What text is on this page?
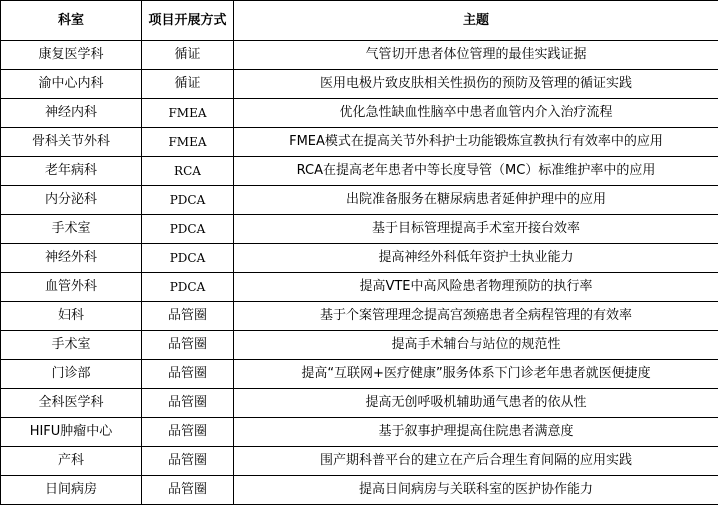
科室	项目开展方式	主题
康复医学科	循证	气管切开患者体位管理的最佳实践证据
渝中心内科	循证	医用电极片致皮肤相关性损伤的预防及管理的循证实践
神经内科	FMEA	优化急性缺血性脑卒中患者血管内介入治疗流程
骨科关节外科	FMEA	FMEA模式在提高关节外科护士功能锻炼宣教执行有效率中的应用
老年病科	RCA	RCA在提高老年患者中等长度导管（MC）标准维护率中的应用
内分泌科	PDCA	出院准备服务在糖尿病患者延伸护理中的应用
手术室	PDCA	基于目标管理提高手术室开接台效率
神经外科	PDCA	提高神经外科低年资护士执业能力
血管外科	PDCA	提高VTE中高风险患者物理预防的执行率
妇科	品管圈	基于个案管理理念提高宫颈癌患者全病程管理的有效率
手术室	品管圈	提高手术辅台与站位的规范性
门诊部	品管圈	提高“互联网+医疗健康”服务体系下门诊老年患者就医便捷度
全科医学科	品管圈	提高无创呼吸机辅助通气患者的依从性
HIFU肿瘤中心	品管圈	基于叙事护理提高住院患者满意度
产科	品管圈	围产期科普平台的建立在产后合理生育间隔的应用实践
日间病房	品管圈	提高日间病房与关联科室的医护协作能力
